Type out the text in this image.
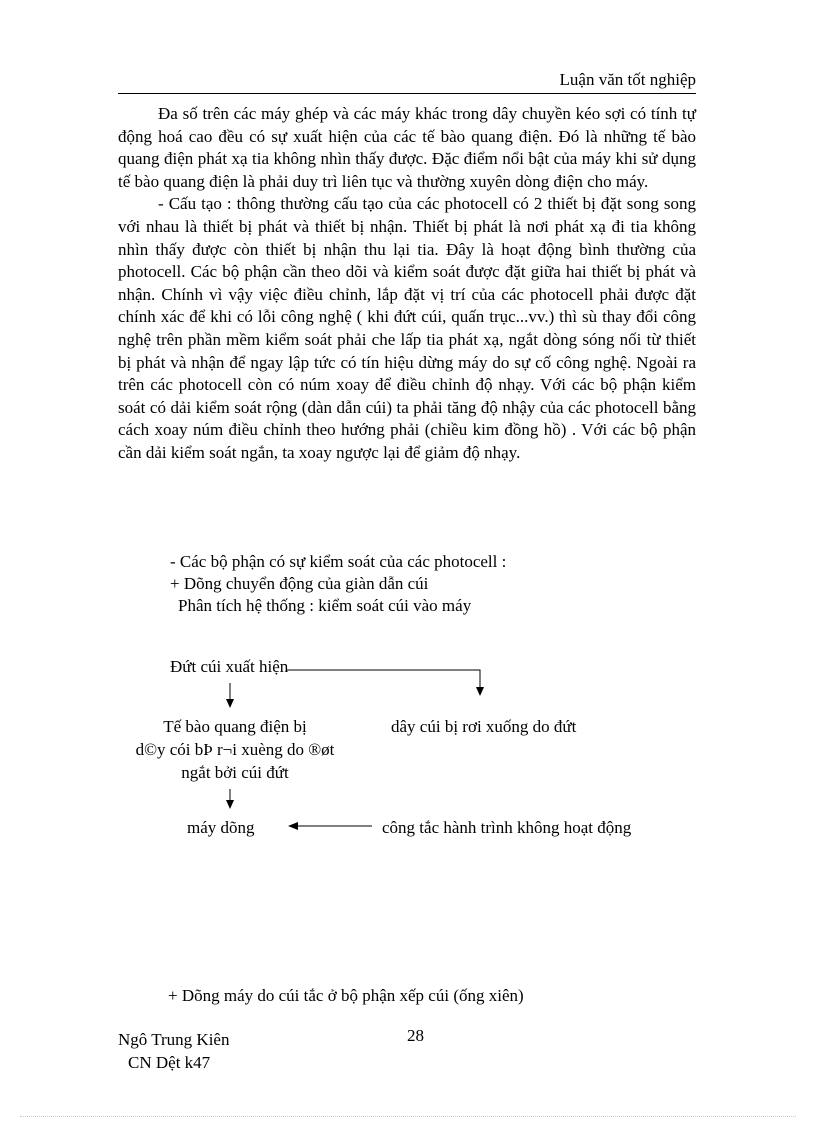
Luận văn tốt nghiệp

Đa số trên các máy ghép và các máy khác trong dây chuyền kéo sợi có tính tự động hoá cao đều có sự xuất hiện của các tế bào quang điện. Đó là những tế bào quang điện phát xạ tia không nhìn thấy được. Đặc điểm nổi bật của máy khi sử dụng tế bào quang điện là phải duy trì liên tục và thường xuyên dòng điện cho máy.

- Cấu tạo : thông thường cấu tạo của các photocell có 2 thiết bị đặt song song với nhau là thiết bị phát và thiết bị nhận. Thiết bị phát là nơi phát xạ đi tia không nhìn thấy được còn thiết bị nhận thu lại tia. Đây là hoạt động bình thường của photocell. Các bộ phận cần theo dõi và kiểm soát được đặt giữa hai thiết bị phát và nhận. Chính vì vậy việc điều chỉnh, lắp đặt vị trí của các photocell phải được đặt chính xác để khi có lỗi công nghệ ( khi đứt cúi, quấn trục...vv.) thì sù thay đổi công nghệ trên phần mềm kiểm soát phải che lấp tia phát xạ, ngắt dòng sóng nối từ thiết bị phát và nhận để ngay lập tức có tín hiệu dừng máy do sự cố công nghệ. Ngoài ra trên các photocell còn có núm xoay để điều chỉnh độ nhạy. Với các bộ phận kiểm soát có dải kiểm soát rộng (dàn dẫn cúi) ta phải tăng độ nhậy của các photocell bằng cách xoay núm điều chỉnh theo hướng phải (chiều kim đồng hồ) . Với các bộ phận cần dải kiểm soát ngắn, ta xoay ngược lại để giảm độ nhạy.

- Các bộ phận có sự kiểm soát của các photocell :
+ Dõng chuyển động của giàn dẫn cúi
Phân tích hệ thống : kiểm soát cúi vào máy
Đứt cúi xuất hiện
dây cúi bị rơi xuống do đứt
Tế bào quang điện bị
d©y cói bÞ r¬i xuèng do ®øt
ngắt bởi cúi đứt
máy dõng	công tắc hành trình không hoạt động
+ Dõng máy do cúi tắc ở bộ phận xếp cúi (ống xiên)
Ngô Trung Kiên
CN Dệt k47
28
